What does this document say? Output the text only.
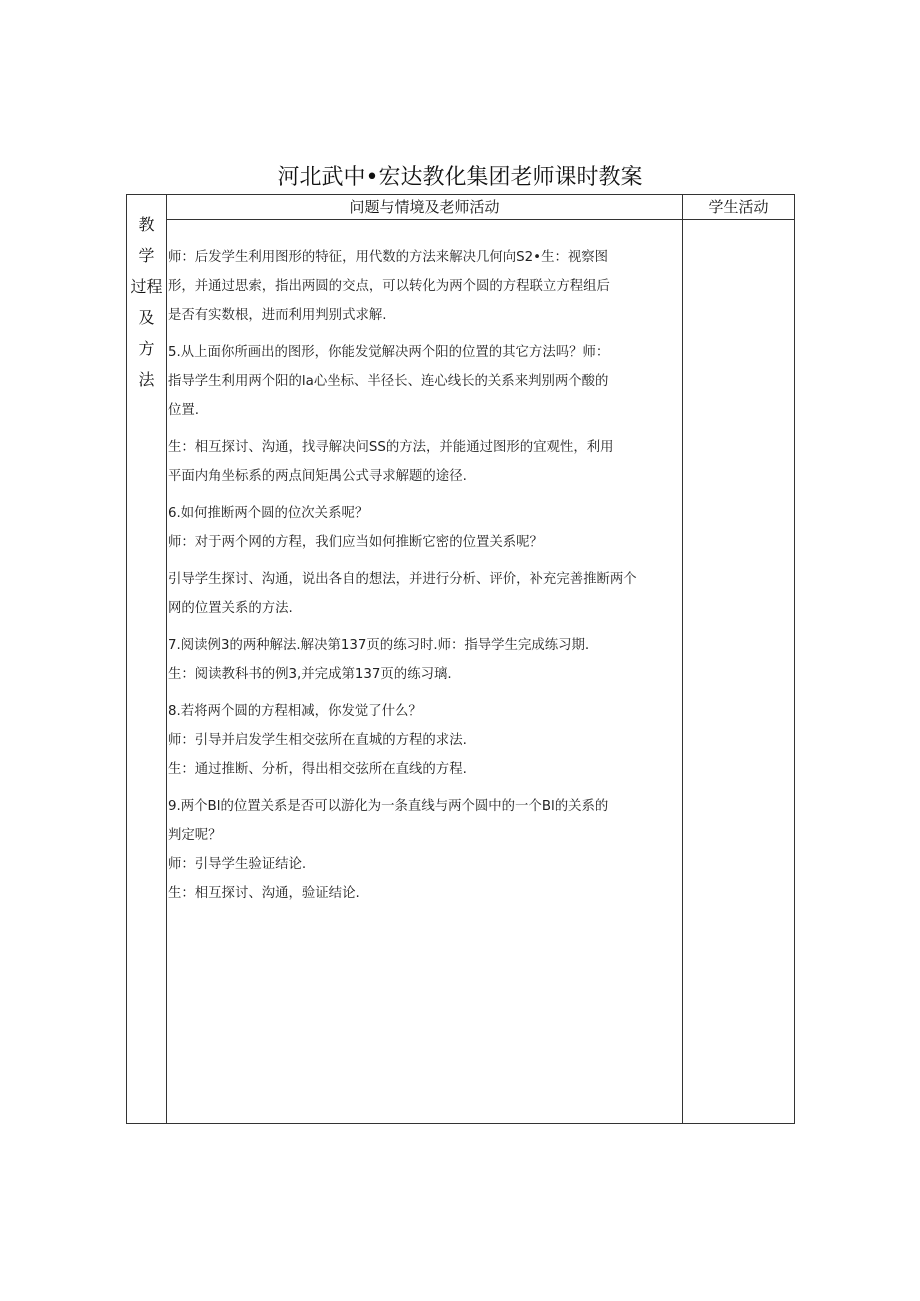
河北武中•宏达教化集团老师课时教案
教
学
过程
及
方
法
问题与情境及老师活动	学生活动

师：后发学生利用图形的特征，用代数的方法来解决几何向S2•生：视察图

形，并通过思索，指出两圆的交点，可以转化为两个圆的方程联立方程组后

是否有实数根，进而利用判别式求解.

5.从上面你所画出的图形，你能发觉解决两个阳的位置的其它方法吗？师：

指导学生利用两个阳的la心坐标、半径长、连心线长的关系来判别两个酸的

位置.

生：相互探讨、沟通，找寻解决问SS的方法，并能通过图形的宜观性，利用

平面内角坐标系的两点间矩禺公式寻求解题的途径.

6.如何推断两个圆的位次关系呢？

师：对于两个网的方程，我们应当如何推断它密的位置关系呢？

引导学生探讨、沟通，说出各自的想法，并进行分析、评价，补充完善推断两个

网的位置关系的方法.

7.阅读例3的两种解法.解决第137页的练习时.师：指导学生完成练习期.

生：阅读教科书的例3,并完成第137页的练习璃.

8.若将两个圆的方程相减，你发觉了什么？

师：引导并启发学生相交弦所在直城的方程的求法.

生：通过推断、分析，得出相交弦所在直线的方程.

9.两个Bl的位置关系是否可以游化为一条直线与两个圆中的一个Bl的关系的

判定呢？

师：引导学生验证结论.

生：相互探讨、沟通，验证结论.
